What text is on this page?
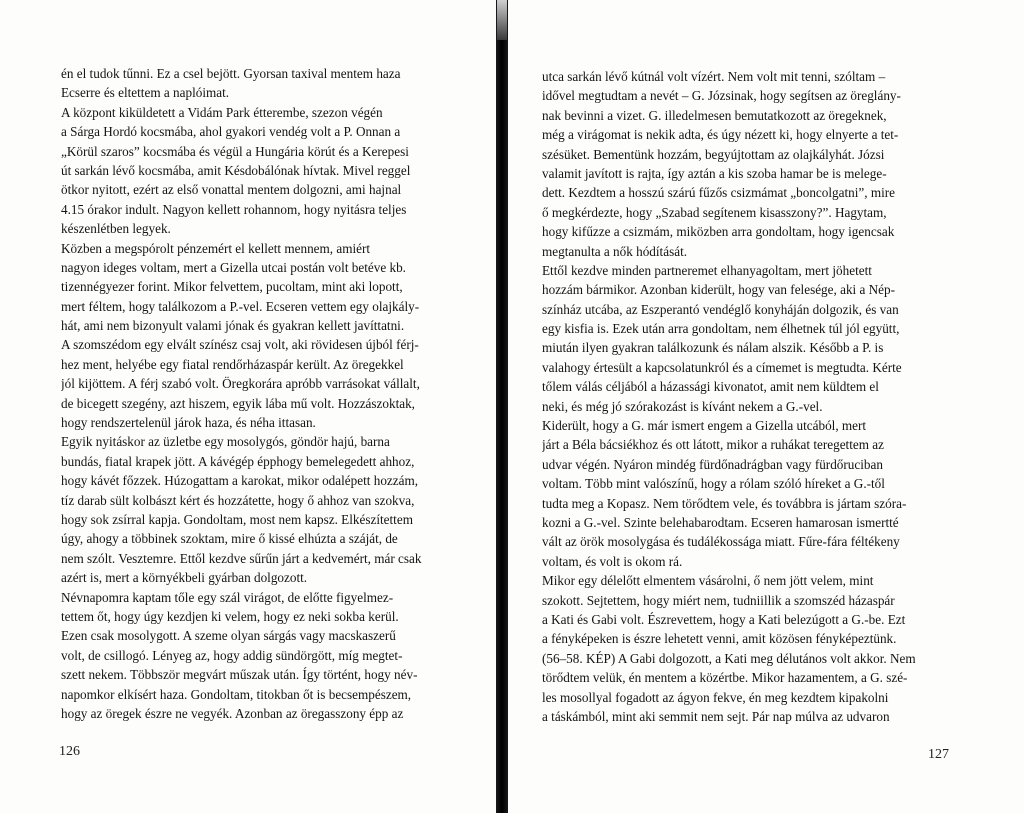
én el tudok tűnni. Ez a csel bejött. Gyorsan taxival mentem haza
Ecserre és eltettem a naplóimat.
A központ kiküldetett a Vidám Park étterembe, szezon végén
a Sárga Hordó kocsmába, ahol gyakori vendég volt a P. Onnan a
„Körül szaros” kocsmába és végül a Hungária körút és a Kerepesi
út sarkán lévő kocsmába, amit Késdobálónak hívtak. Mivel reggel
ötkor nyitott, ezért az első vonattal mentem dolgozni, ami hajnal
4.15 órakor indult. Nagyon kellett rohannom, hogy nyitásra teljes
készenlétben legyek.
Közben a megspórolt pénzemért el kellett mennem, amiért
nagyon ideges voltam, mert a Gizella utcai postán volt betéve kb.
tizennégyezer forint. Mikor felvettem, pucoltam, mint aki lopott,
mert féltem, hogy találkozom a P.-vel. Ecseren vettem egy olajkály-
hát, ami nem bizonyult valami jónak és gyakran kellett javíttatni.
A szomszédom egy elvált színész csaj volt, aki rövidesen újból férj-
hez ment, helyébe egy fiatal rendőrházaspár került. Az öregekkel
jól kijöttem. A férj szabó volt. Öregkorára apróbb varrásokat vállalt,
de bicegett szegény, azt hiszem, egyik lába mű volt. Hozzászoktak,
hogy rendszertelenül járok haza, és néha ittasan.
Egyik nyitáskor az üzletbe egy mosolygós, göndör hajú, barna
bundás, fiatal krapek jött. A kávégép épphogy bemelegedett ahhoz,
hogy kávét főzzek. Húzogattam a karokat, mikor odalépett hozzám,
tíz darab sült kolbászt kért és hozzátette, hogy ő ahhoz van szokva,
hogy sok zsírral kapja. Gondoltam, most nem kapsz. Elkészítettem
úgy, ahogy a többinek szoktam, mire ő kissé elhúzta a száját, de
nem szólt. Vesztemre. Ettől kezdve sűrűn járt a kedvemért, már csak
azért is, mert a környékbeli gyárban dolgozott.
Névnapomra kaptam tőle egy szál virágot, de előtte figyelmez-
tettem őt, hogy úgy kezdjen ki velem, hogy ez neki sokba kerül.
Ezen csak mosolygott. A szeme olyan sárgás vagy macskaszerű
volt, de csillogó. Lényeg az, hogy addig sündörgött, míg megtet-
szett nekem. Többször megvárt műszak után. Így történt, hogy név-
napomkor elkísért haza. Gondoltam, titokban őt is becsempészem,
hogy az öregek észre ne vegyék. Azonban az öregasszony épp az
126
utca sarkán lévő kútnál volt vízért. Nem volt mit tenni, szóltam –
idővel megtudtam a nevét – G. Józsinak, hogy segítsen az öreglány-
nak bevinni a vizet. G. illedelmesen bemutatkozott az öregeknek,
még a virágomat is nekik adta, és úgy nézett ki, hogy elnyerte a tet-
szésüket. Bementünk hozzám, begyújtottam az olajkályhát. Józsi
valamit javított is rajta, így aztán a kis szoba hamar be is melege-
dett. Kezdtem a hosszú szárú fűzős csizmámat „boncolgatni”, mire
ő megkérdezte, hogy „Szabad segítenem kisasszony?”. Hagytam,
hogy kifűzze a csizmám, miközben arra gondoltam, hogy igencsak
megtanulta a nők hódítását.
Ettől kezdve minden partneremet elhanyagoltam, mert jöhetett
hozzám bármikor. Azonban kiderült, hogy van felesége, aki a Nép-
színház utcába, az Eszperantó vendéglő konyháján dolgozik, és van
egy kisfia is. Ezek után arra gondoltam, nem élhetnek túl jól együtt,
miután ilyen gyakran találkozunk és nálam alszik. Később a P. is
valahogy értesült a kapcsolatunkról és a címemet is megtudta. Kérte
tőlem válás céljából a házassági kivonatot, amit nem küldtem el
neki, és még jó szórakozást is kívánt nekem a G.-vel.
Kiderült, hogy a G. már ismert engem a Gizella utcából, mert
járt a Béla bácsiékhoz és ott látott, mikor a ruhákat teregettem az
udvar végén. Nyáron mindég fürdőnadrágban vagy fürdőruciban
voltam. Több mint valószínű, hogy a rólam szóló híreket a G.-től
tudta meg a Kopasz. Nem törődtem vele, és továbbra is jártam szóra-
kozni a G.-vel. Szinte belehabarodtam. Ecseren hamarosan ismertté
vált az örök mosolygása és tudálékossága miatt. Fűre-fára féltékeny
voltam, és volt is okom rá.
Mikor egy délelőtt elmentem vásárolni, ő nem jött velem, mint
szokott. Sejtettem, hogy miért nem, tudniillik a szomszéd házaspár
a Kati és Gabi volt. Észrevettem, hogy a Kati belezúgott a G.-be. Ezt
a fényképeken is észre lehetett venni, amit közösen fényképeztünk.
(56–58. KÉP) A Gabi dolgozott, a Kati meg délutános volt akkor. Nem
törődtem velük, én mentem a közértbe. Mikor hazamentem, a G. szé-
les mosollyal fogadott az ágyon fekve, én meg kezdtem kipakolni
a táskámból, mint aki semmit nem sejt. Pár nap múlva az udvaron
127
